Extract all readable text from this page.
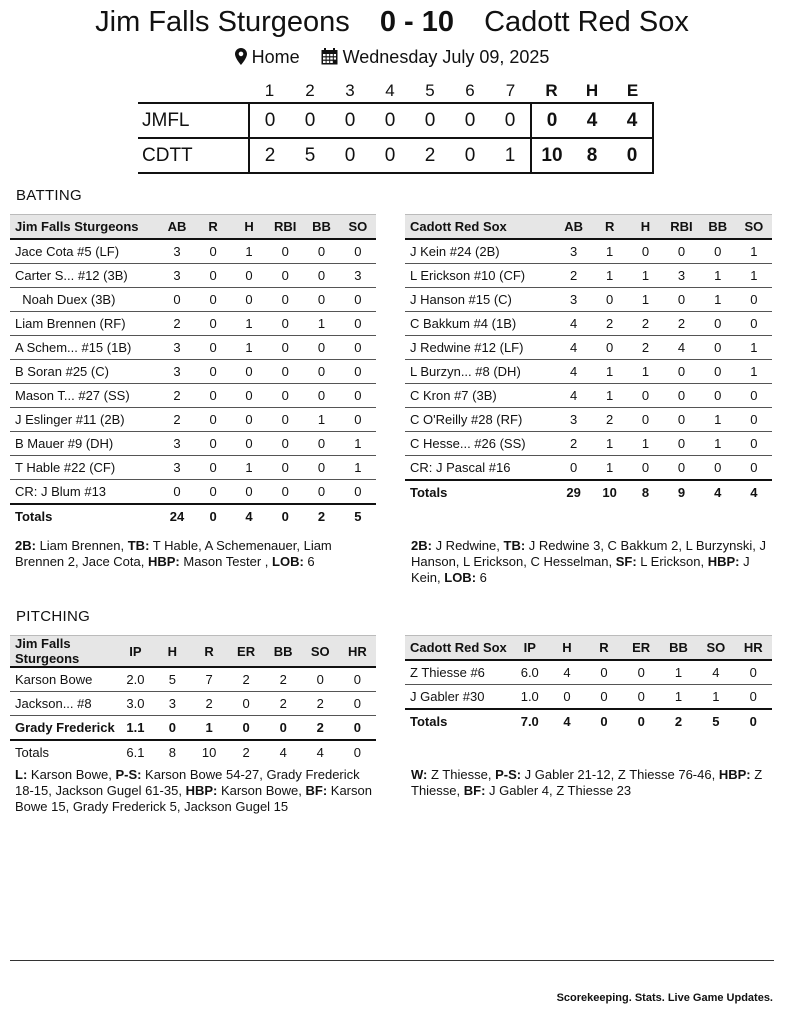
Jim Falls Sturgeons 0 - 10 Cadott Red Sox
Home Wednesday July 09, 2025
	1	2	3	4	5	6	7	R	H	E
JMFL	0	0	0	0	0	0	0	0	4	4
CDTT	2	5	0	0	2	0	1	10	8	0
BATTING
Jim Falls Sturgeons	AB	R	H	RBI	BB	SO
Jace Cota #5 (LF)	3	0	1	0	0	0
Carter S... #12 (3B)	3	0	0	0	0	3
Noah Duex (3B)	0	0	0	0	0	0
Liam Brennen (RF)	2	0	1	0	1	0
A Schem... #15 (1B)	3	0	1	0	0	0
B Soran #25 (C)	3	0	0	0	0	0
Mason T... #27 (SS)	2	0	0	0	0	0
J Eslinger #11 (2B)	2	0	0	0	1	0
B Mauer #9 (DH)	3	0	0	0	0	1
T Hable #22 (CF)	3	0	1	0	0	1
CR: J Blum #13	0	0	0	0	0	0
Totals	24	0	4	0	2	5
Cadott Red Sox	AB	R	H	RBI	BB	SO
J Kein #24 (2B)	3	1	0	0	0	1
L Erickson #10 (CF)	2	1	1	3	1	1
J Hanson #15 (C)	3	0	1	0	1	0
C Bakkum #4 (1B)	4	2	2	2	0	0
J Redwine #12 (LF)	4	0	2	4	0	1
L Burzyn... #8 (DH)	4	1	1	0	0	1
C Kron #7 (3B)	4	1	0	0	0	0
C O'Reilly #28 (RF)	3	2	0	0	1	0
C Hesse... #26 (SS)	2	1	1	0	1	0
CR: J Pascal #16	0	1	0	0	0	0
Totals	29	10	8	9	4	4
2B: Liam Brennen, TB: T Hable, A Schemenauer, Liam Brennen 2, Jace Cota, HBP: Mason Tester , LOB: 6
2B: J Redwine, TB: J Redwine 3, C Bakkum 2, L Burzynski, J Hanson, L Erickson, C Hesselman, SF: L Erickson, HBP: J Kein, LOB: 6
PITCHING
Jim Falls Sturgeons	IP	H	R	ER	BB	SO	HR
Karson Bowe	2.0	5	7	2	2	0	0
Jackson... #8	3.0	3	2	0	2	2	0
Grady Frederick	1.1	0	1	0	0	2	0
Totals	6.1	8	10	2	4	4	0
Cadott Red Sox	IP	H	R	ER	BB	SO	HR
Z Thiesse #6	6.0	4	0	0	1	4	0
J Gabler #30	1.0	0	0	0	1	1	0
Totals	7.0	4	0	0	2	5	0
L: Karson Bowe, P-S: Karson Bowe 54-27, Grady Frederick 18-15, Jackson Gugel 61-35, HBP: Karson Bowe, BF: Karson Bowe 15, Grady Frederick 5, Jackson Gugel 15
W: Z Thiesse, P-S: J Gabler 21-12, Z Thiesse 76-46, HBP: Z Thiesse, BF: J Gabler 4, Z Thiesse 23
Scorekeeping. Stats. Live Game Updates.
